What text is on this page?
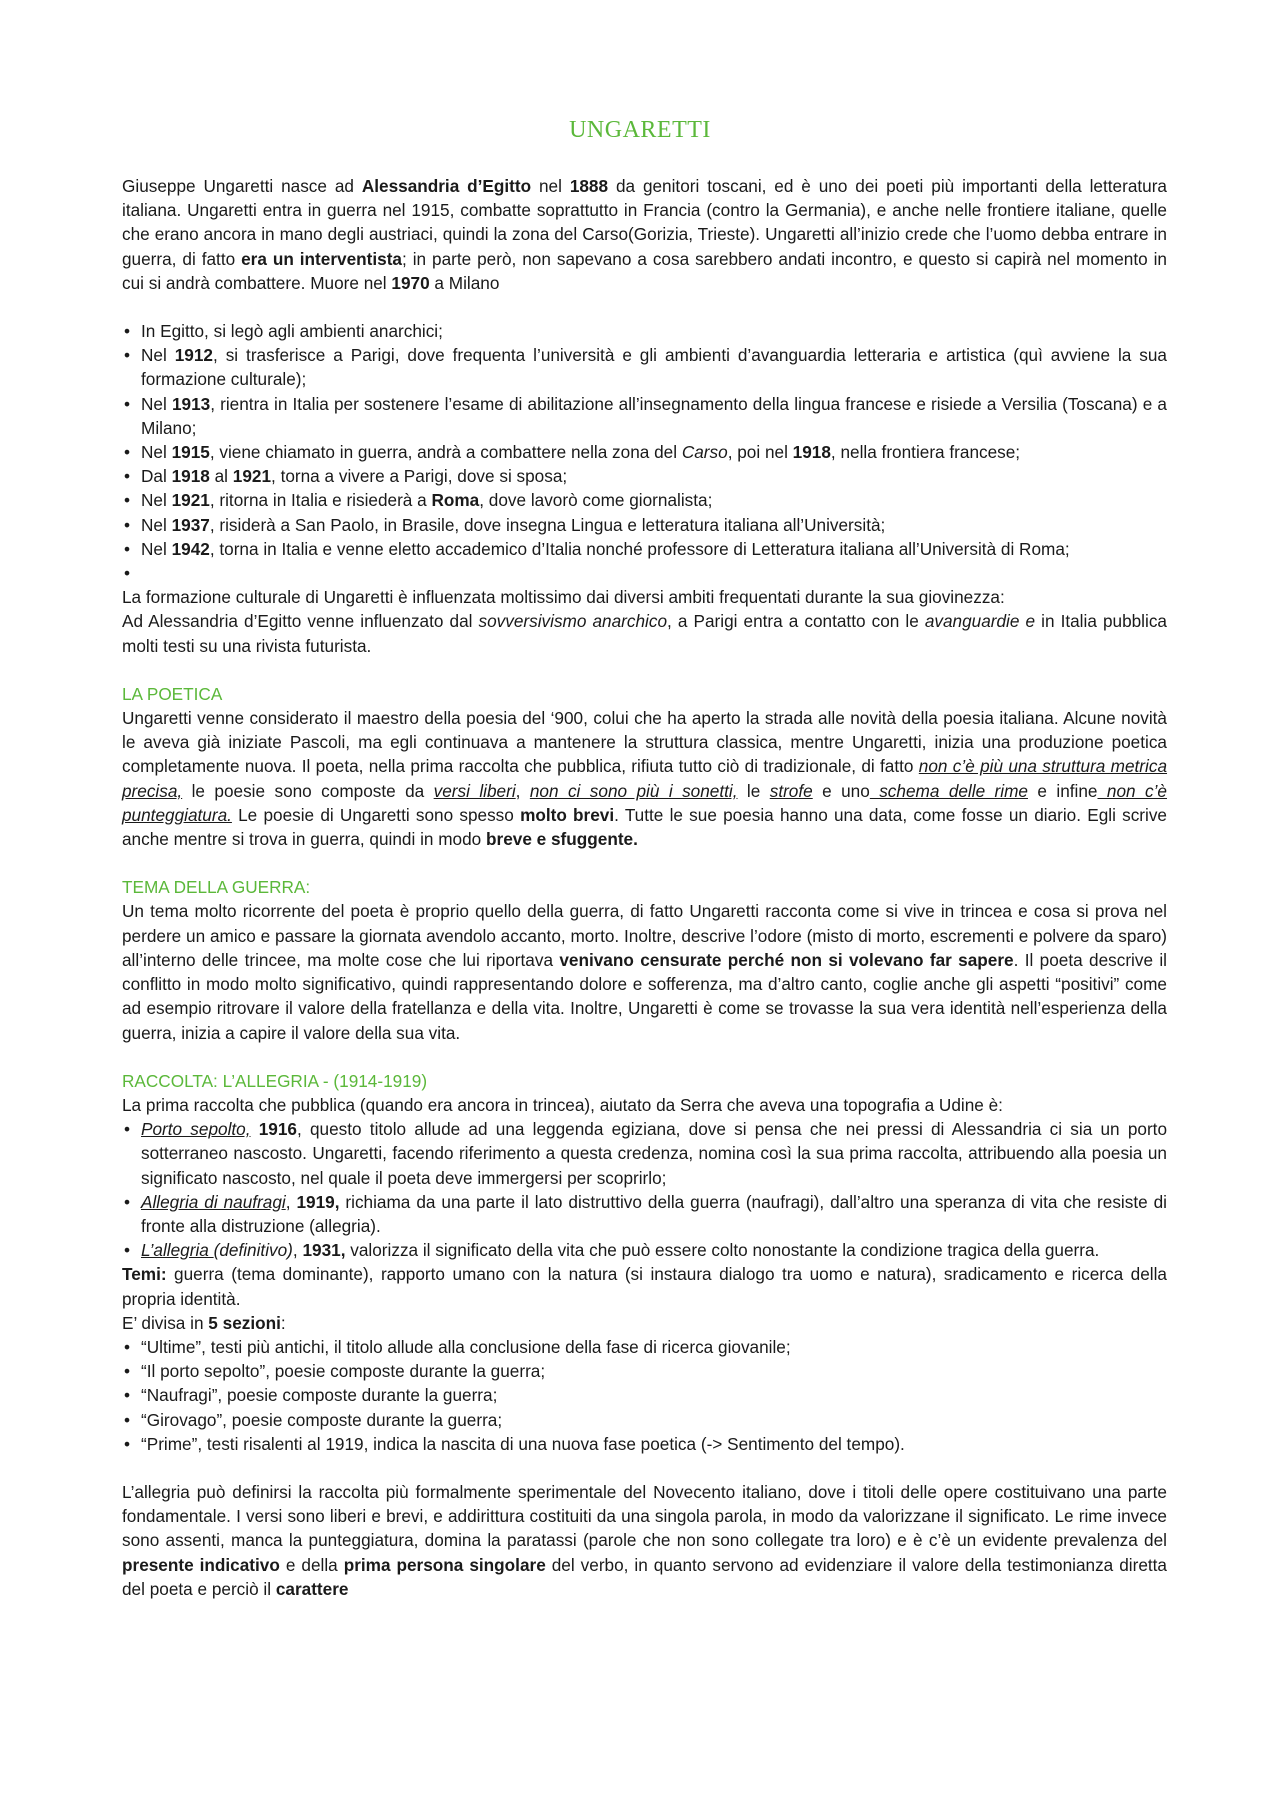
UNGARETTI

Giuseppe Ungaretti nasce ad Alessandria d’Egitto nel 1888 da genitori toscani, ed è uno dei poeti più importanti della letteratura italiana. Ungaretti entra in guerra nel 1915, combatte soprattutto in Francia (contro la Germania), e anche nelle frontiere italiane, quelle che erano ancora in mano degli austriaci, quindi la zona del Carso(Gorizia, Trieste). Ungaretti all’inizio crede che l’uomo debba entrare in guerra, di fatto era un interventista; in parte però, non sapevano a cosa sarebbero andati incontro, e questo si capirà nel momento in cui si andrà combattere. Muore nel 1970 a Milano

• In Egitto, si legò agli ambienti anarchici;
• Nel 1912, si trasferisce a Parigi, dove frequenta l’università e gli ambienti d’avanguardia letteraria e artistica (quì avviene la sua formazione culturale);
• Nel 1913, rientra in Italia per sostenere l’esame di abilitazione all’insegnamento della lingua francese e risiede a Versilia (Toscana) e a Milano;
• Nel 1915, viene chiamato in guerra, andrà a combattere nella zona del Carso, poi nel 1918, nella frontiera francese;
• Dal 1918 al 1921, torna a vivere a Parigi, dove si sposa;
• Nel 1921, ritorna in Italia e risiederà a Roma, dove lavorò come giornalista;
• Nel 1937, risiderà a San Paolo, in Brasile, dove insegna Lingua e letteratura italiana all’Università;
• Nel 1942, torna in Italia e venne eletto accademico d’Italia nonché professore di Letteratura italiana all’Università di Roma;
•

La formazione culturale di Ungaretti è influenzata moltissimo dai diversi ambiti frequentati durante la sua giovinezza:

Ad Alessandria d’Egitto venne influenzato dal sovversivismo anarchico, a Parigi entra a contatto con le avanguardie e in Italia pubblica molti testi su una rivista futurista.

LA POETICA

Ungaretti venne considerato il maestro della poesia del ‘900, colui che ha aperto la strada alle novità della poesia italiana. Alcune novità le aveva già iniziate Pascoli, ma egli continuava a mantenere la struttura classica, mentre Ungaretti, inizia una produzione poetica completamente nuova. Il poeta, nella prima raccolta che pubblica, rifiuta tutto ciò di tradizionale, di fatto non c’è più una struttura metrica precisa, le poesie sono composte da versi liberi, non ci sono più i sonetti, le strofe e uno schema delle rime e infine non c’è punteggiatura. Le poesie di Ungaretti sono spesso molto brevi. Tutte le sue poesia hanno una data, come fosse un diario. Egli scrive anche mentre si trova in guerra, quindi in modo breve e sfuggente.

TEMA DELLA GUERRA:

Un tema molto ricorrente del poeta è proprio quello della guerra, di fatto Ungaretti racconta come si vive in trincea e cosa si prova nel perdere un amico e passare la giornata avendolo accanto, morto. Inoltre, descrive l’odore (misto di morto, escrementi e polvere da sparo) all’interno delle trincee, ma molte cose che lui riportava venivano censurate perché non si volevano far sapere. Il poeta descrive il conflitto in modo molto significativo, quindi rappresentando dolore e sofferenza, ma d’altro canto, coglie anche gli aspetti “positivi” come ad esempio ritrovare il valore della fratellanza e della vita. Inoltre, Ungaretti è come se trovasse la sua vera identità nell’esperienza della guerra, inizia a capire il valore della sua vita.

RACCOLTA: L’ALLEGRIA - (1914-1919)

La prima raccolta che pubblica (quando era ancora in trincea), aiutato da Serra che aveva una topografia a Udine è:

• Porto sepolto, 1916, questo titolo allude ad una leggenda egiziana, dove si pensa che nei pressi di Alessandria ci sia un porto sotterraneo nascosto. Ungaretti, facendo riferimento a questa credenza, nomina così la sua prima raccolta, attribuendo alla poesia un significato nascosto, nel quale il poeta deve immergersi per scoprirlo;
• Allegria di naufragi, 1919, richiama da una parte il lato distruttivo della guerra (naufragi), dall’altro una speranza di vita che resiste di fronte alla distruzione (allegria).
• L’allegria (definitivo), 1931, valorizza il significato della vita che può essere colto nonostante la condizione tragica della guerra.

Temi: guerra (tema dominante), rapporto umano con la natura (si instaura dialogo tra uomo e natura), sradicamento e ricerca della propria identità.

E’ divisa in 5 sezioni:

• “Ultime”, testi più antichi, il titolo allude alla conclusione della fase di ricerca giovanile;
• “Il porto sepolto”, poesie composte durante la guerra;
• “Naufragi”, poesie composte durante la guerra;
• “Girovago”, poesie composte durante la guerra;
• “Prime”, testi risalenti al 1919, indica la nascita di una nuova fase poetica (-> Sentimento del tempo).

L’allegria può definirsi la raccolta più formalmente sperimentale del Novecento italiano, dove i titoli delle opere costituivano una parte fondamentale. I versi sono liberi e brevi, e addirittura costituiti da una singola parola, in modo da valorizzane il significato. Le rime invece sono assenti, manca la punteggiatura, domina la paratassi (parole che non sono collegate tra loro) e è c’è un evidente prevalenza del presente indicativo e della prima persona singolare del verbo, in quanto servono ad evidenziare il valore della testimonianza diretta del poeta e perciò il carattere
